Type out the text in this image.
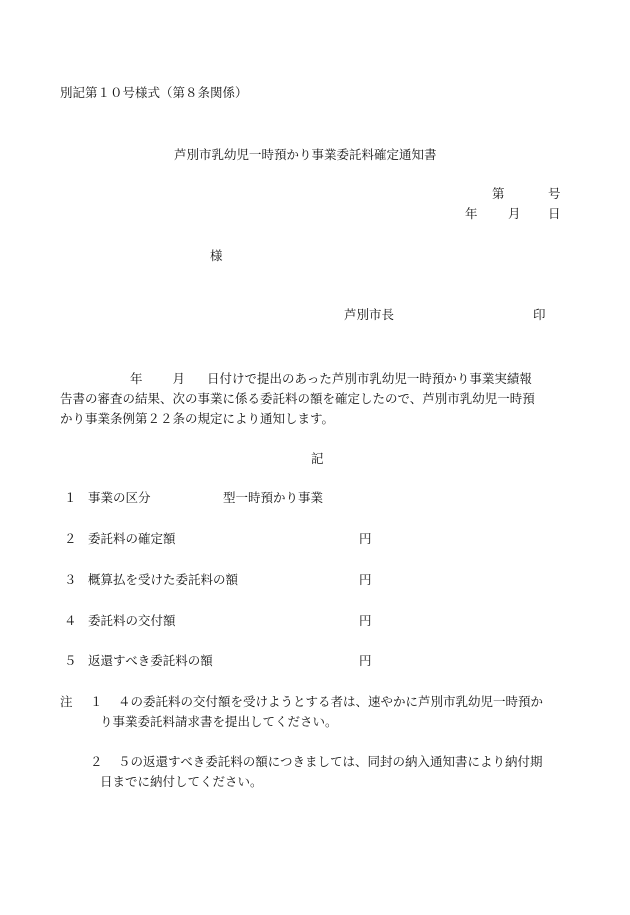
別記第１０号様式（第８条関係）
芦別市乳幼児一時預かり事業委託料確定通知書
第	号
年 月 日
様
芦別市長	印
年 月 日付けで提出のあった芦別市乳幼児一時預かり事業実績報
告書の審査の結果、次の事業に係る委託料の額を確定したので、芦別市乳幼児一時預
かり事業条例第２２条の規定により通知します。
記
１ 事業の区分	型一時預かり事業
２ 委託料の確定額	円
３ 概算払を受けた委託料の額	円
４ 委託料の交付額	円
５ 返還すべき委託料の額	円
注 １ ４の委託料の交付額を受けようとする者は、速やかに芦別市乳幼児一時預か
り事業委託料請求書を提出してください。
２ ５の返還すべき委託料の額につきましては、同封の納入通知書により納付期
日までに納付してください。
